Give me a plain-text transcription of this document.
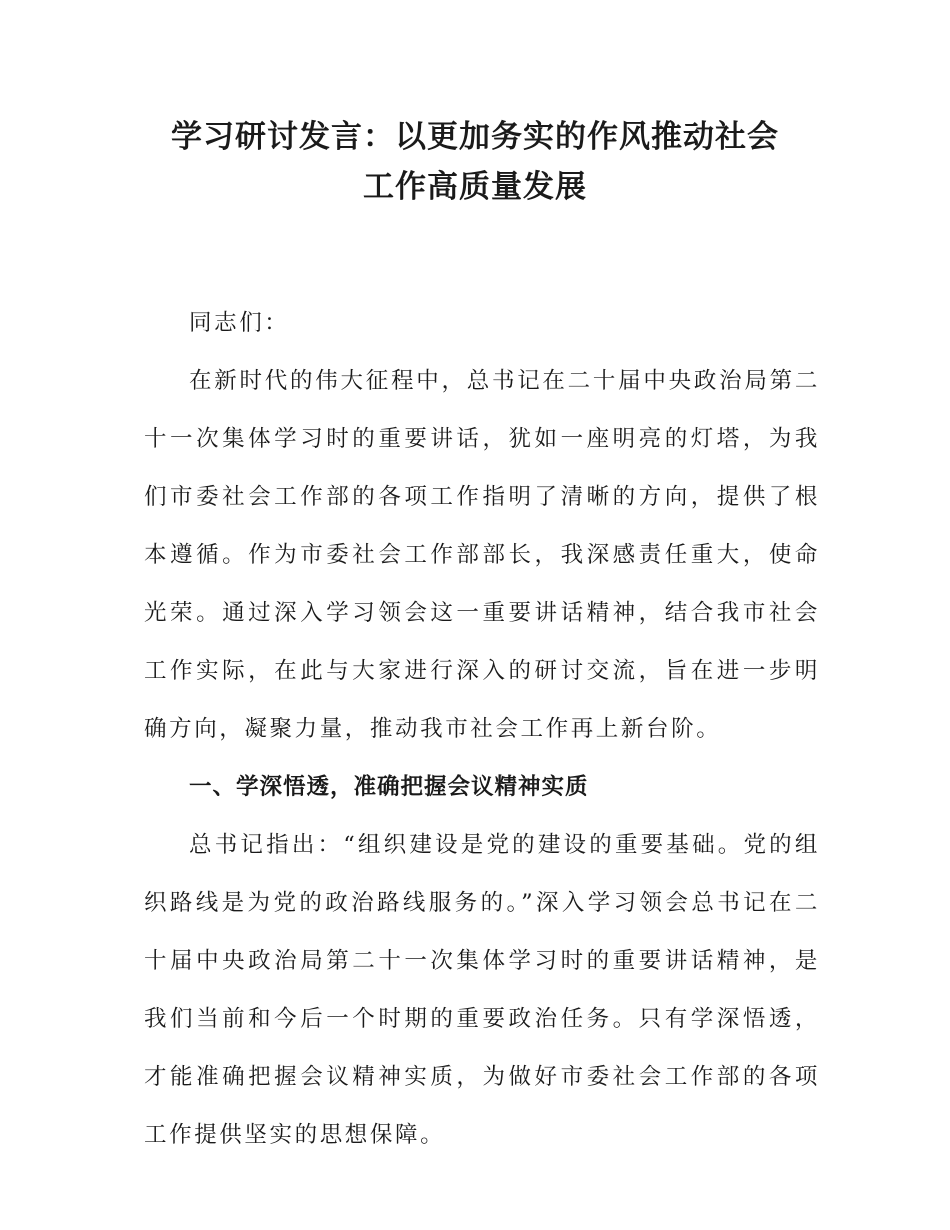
学习研讨发言：以更加务实的作风推动社会
工作高质量发展

同志们：

在新时代的伟大征程中，总书记在二十届中央政治局第二十一次集体学习时的重要讲话，犹如一座明亮的灯塔，为我们市委社会工作部的各项工作指明了清晰的方向，提供了根本遵循。作为市委社会工作部部长，我深感责任重大，使命光荣。通过深入学习领会这一重要讲话精神，结合我市社会工作实际，在此与大家进行深入的研讨交流，旨在进一步明确方向，凝聚力量，推动我市社会工作再上新台阶。

一、学深悟透，准确把握会议精神实质

总书记指出：“组织建设是党的建设的重要基础。党的组织路线是为党的政治路线服务的。”深入学习领会总书记在二十届中央政治局第二十一次集体学习时的重要讲话精神，是我们当前和今后一个时期的重要政治任务。只有学深悟透，才能准确把握会议精神实质，为做好市委社会工作部的各项工作提供坚实的思想保障。
